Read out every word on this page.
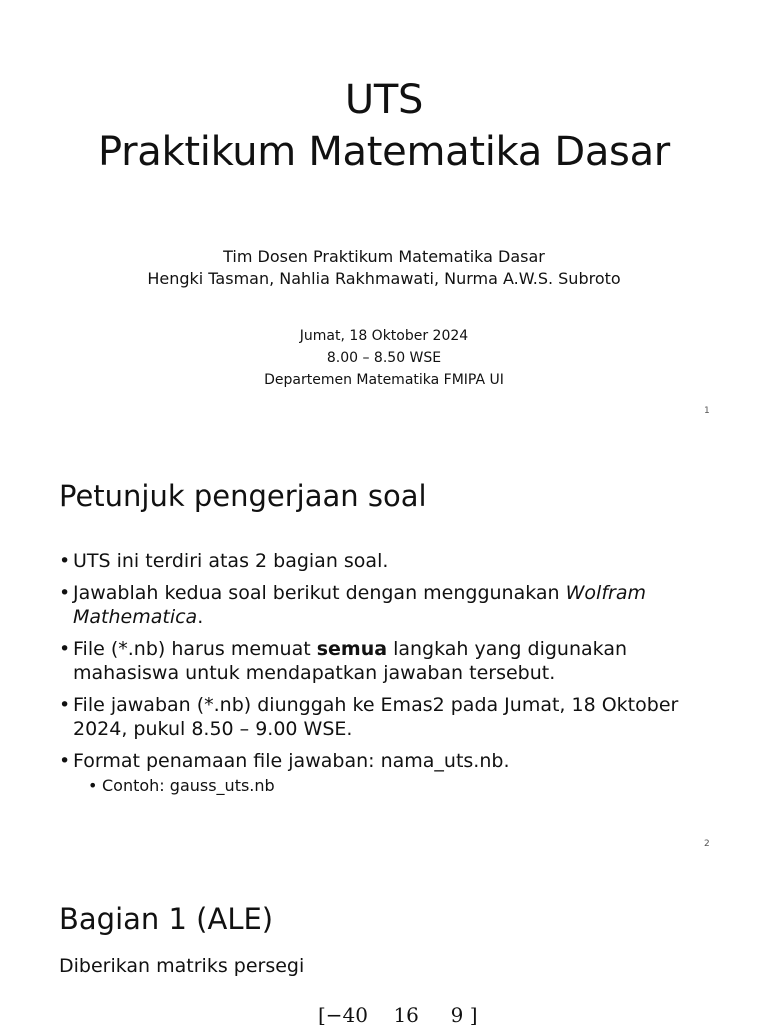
UTS
Praktikum Matematika Dasar
Tim Dosen Praktikum Matematika Dasar
Hengki Tasman, Nahlia Rakhmawati, Nurma A.W.S. Subroto
Jumat, 18 Oktober 2024
8.00 – 8.50 WSE
Departemen Matematika FMIPA UI
1
Petunjuk pengerjaan soal
• UTS ini terdiri atas 2 bagian soal.
• Jawablah kedua soal berikut dengan menggunakan Wolfram Mathematica.
• File (*.nb) harus memuat semua langkah yang digunakan mahasiswa untuk mendapatkan jawaban tersebut.
• File jawaban (*.nb) diunggah ke Emas2 pada Jumat, 18 Oktober 2024, pukul 8.50 – 9.00 WSE.
• Format penamaan file jawaban: nama_uts.nb.
• Contoh: gauss_uts.nb
2
Bagian 1 (ALE)
Diberikan matriks persegi
[−40    16     9 ]
